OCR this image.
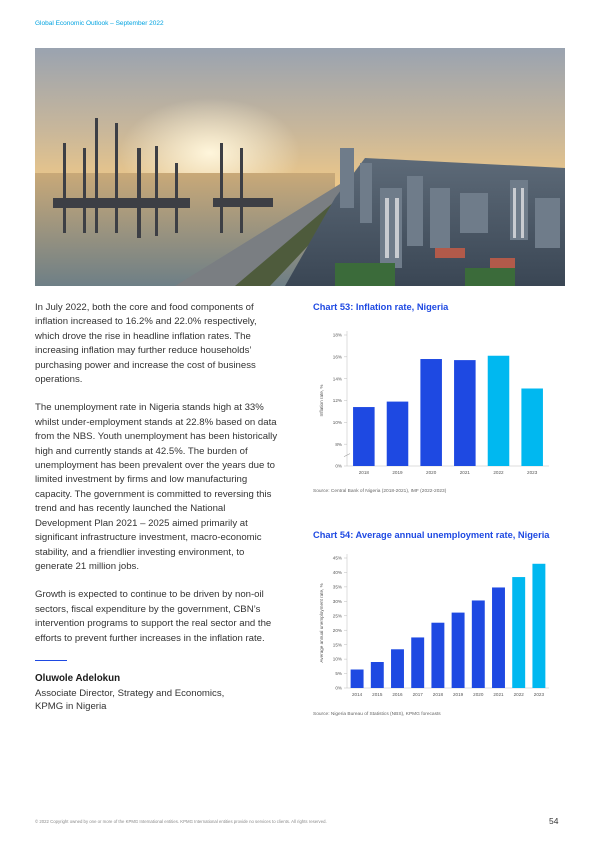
Global Economic Outlook – September 2022

In July 2022, both the core and food components of inflation increased to 16.2% and 22.0% respectively, which drove the rise in headline inflation rates. The increasing inflation may further reduce households’ purchasing power and increase the cost of business operations.

The unemployment rate in Nigeria stands high at 33% whilst under-employment stands at 22.8% based on data from the NBS. Youth unemployment has been historically high and currently stands at 42.5%. The burden of unemployment has been prevalent over the years due to limited investment by firms and low manufacturing capacity. The government is committed to reversing this trend and has recently launched the National Development Plan 2021 – 2025 aimed primarily at significant infrastructure investment, macro-economic stability, and a friendlier investing environment, to generate 21 million jobs.

Growth is expected to continue to be driven by non-oil sectors, fiscal expenditure by the government, CBN’s intervention programs to support the real sector and the efforts to prevent further increases in the inflation rate.

Oluwole Adelokun
Associate Director, Strategy and Economics,
KPMG in Nigeria
Chart 53: Inflation rate, Nigeria
0%
8%
10%
12%
14%
16%
18%
Inflation rate, %
2018	2019	2020	2021	2022	2023
Source: Central Bank of Nigeria (2018-2021), IMF (2022-2023)
Chart 54: Average annual unemployment rate, Nigeria
0%
5%
10%
15%
20%
25%
30%
35%
40%
45%
Average annual unemployment rate, %
2014 2015 2016 2017 2018 2019 2020 2021 2022 2023
Source: Nigeria Bureau of Statistics (NBS), KPMG forecasts
© 2022 Copyright owned by one or more of the KPMG International entities. KPMG International entities provide no services to clients. All rights reserved.	54
